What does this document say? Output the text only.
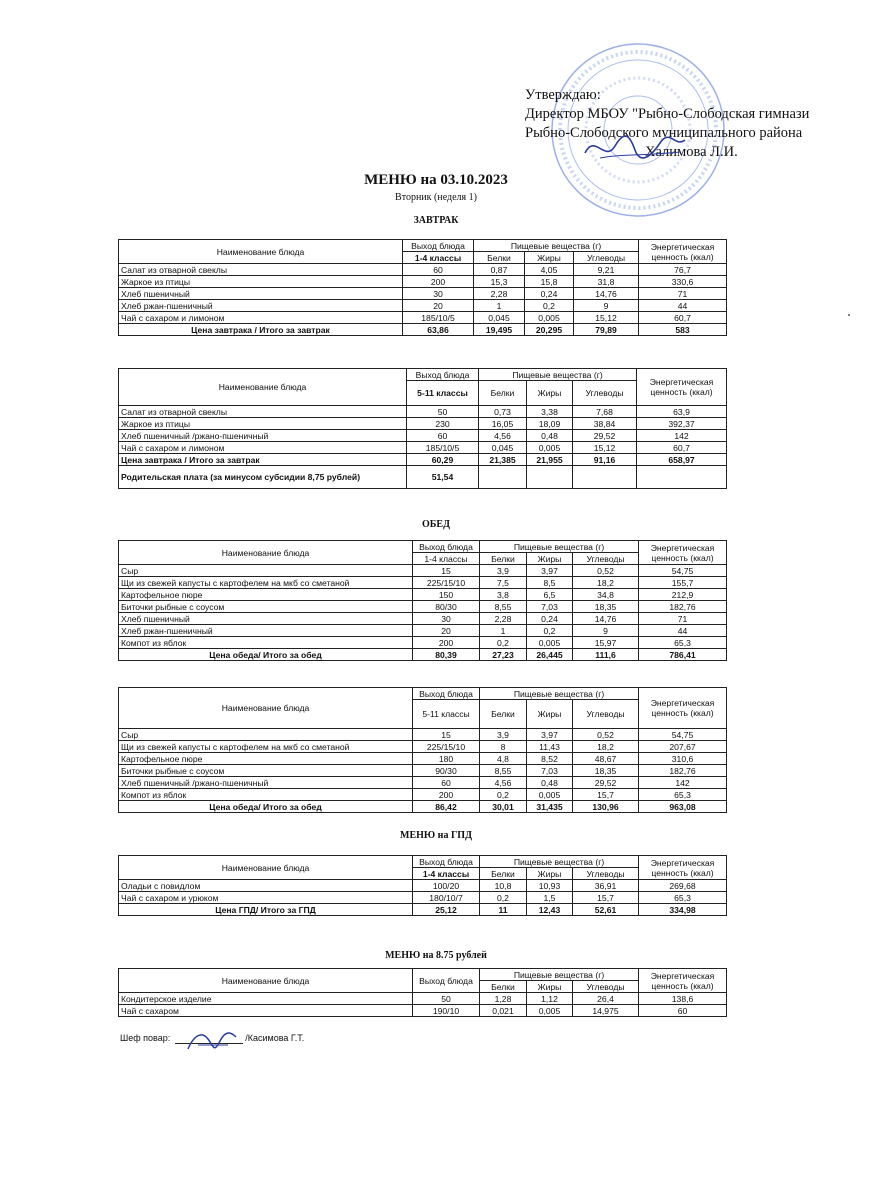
Утверждаю:
Директор МБОУ "Рыбно-Слободская гимнази
Рыбно-Слободского муниципального района
Халимова Л.И.
МЕНЮ на 03.10.2023
Вторник (неделя 1)
ЗАВТРАК
Наименование блюда	Выход блюда	Пищевые вещества (г)			Энергетическая ценность (ккал)
	1-4 классы	Белки	Жиры	Углеводы	
Салат из отварной свеклы	60	0,87	4,05	9,21	76,7
Жаркое из птицы	200	15,3	15,8	31,8	330,6
Хлеб пшеничный	30	2,28	0,24	14,76	71
Хлеб ржан-пшеничный	20	1	0,2	9	44
Чай с сахаром и лимоном	185/10/5	0,045	0,005	15,12	60,7
Цена завтрака / Итого за завтрак	63,86	19,495	20,295	79,89	583
Наименование блюда	Выход блюда	Пищевые вещества (г)			Энергетическая ценность (ккал)
	5-11 классы	Белки	Жиры	Углеводы	
Салат из отварной свеклы	50	0,73	3,38	7,68	63,9
Жаркое из птицы	230	16,05	18,09	38,84	392,37
Хлеб пшеничный /ржано-пшеничный	60	4,56	0,48	29,52	142
Чай с сахаром и лимоном	185/10/5	0,045	0,005	15,12	60,7
Цена завтрака / Итого за завтрак	60,29	21,385	21,955	91,16	658,97
Родительская плата (за минусом субсидии 8,75 рублей)	51,54				
ОБЕД
Наименование блюда	Выход блюда	Пищевые вещества (г)			Энергетическая ценность (ккал)
	1-4 классы	Белки	Жиры	Углеводы	
Сыр	15	3,9	3,97	0,52	54,75
Щи из свежей капусты с картофелем на мкб со сметаной	225/15/10	7,5	8,5	18,2	155,7
Картофельное пюре	150	3,8	6,5	34,8	212,9
Биточки рыбные с соусом	80/30	8,55	7,03	18,35	182,76
Хлеб пшеничный	30	2,28	0,24	14,76	71
Хлеб ржан-пшеничный	20	1	0,2	9	44
Компот из яблок	200	0,2	0,005	15,97	65,3
Цена обеда/ Итого за обед	80,39	27,23	26,445	111,6	786,41
Наименование блюда	Выход блюда	Пищевые вещества (г)			Энергетическая ценность (ккал)
	5-11 классы	Белки	Жиры	Углеводы	
Сыр	15	3,9	3,97	0,52	54,75
Щи из свежей капусты с картофелем на мкб со сметаной	225/15/10	8	11,43	18,2	207,67
Картофельное пюре	180	4,8	8,52	48,67	310,6
Биточки рыбные с соусом	90/30	8,55	7,03	18,35	182,76
Хлеб пшеничный /ржано-пшеничный	60	4,56	0,48	29,52	142
Компот из яблок	200	0,2	0,005	15,7	65,3
Цена обеда/ Итого за обед	86,42	30,01	31,435	130,96	963,08
МЕНЮ на ГПД
Наименование блюда	Выход блюда	Пищевые вещества (г)			Энергетическая ценность (ккал)
	1-4 классы	Белки	Жиры	Углеводы	
Оладьи с повидлом	100/20	10,8	10,93	36,91	269,68
Чай с сахаром и урюком	180/10/7	0,2	1,5	15,7	65,3
Цена ГПД/ Итого за ГПД	25,12	11	12,43	52,61	334,98
МЕНЮ на 8.75 рублей
Наименование блюда	Выход блюда	Пищевые вещества (г)			Энергетическая ценность (ккал)
		Белки	Жиры	Углеводы	
Кондитерское изделие	50	1,28	1,12	26,4	138,6
Чай с сахаром	190/10	0,021	0,005	14,975	60
Шеф повар:	/Касимова Г.Т.
